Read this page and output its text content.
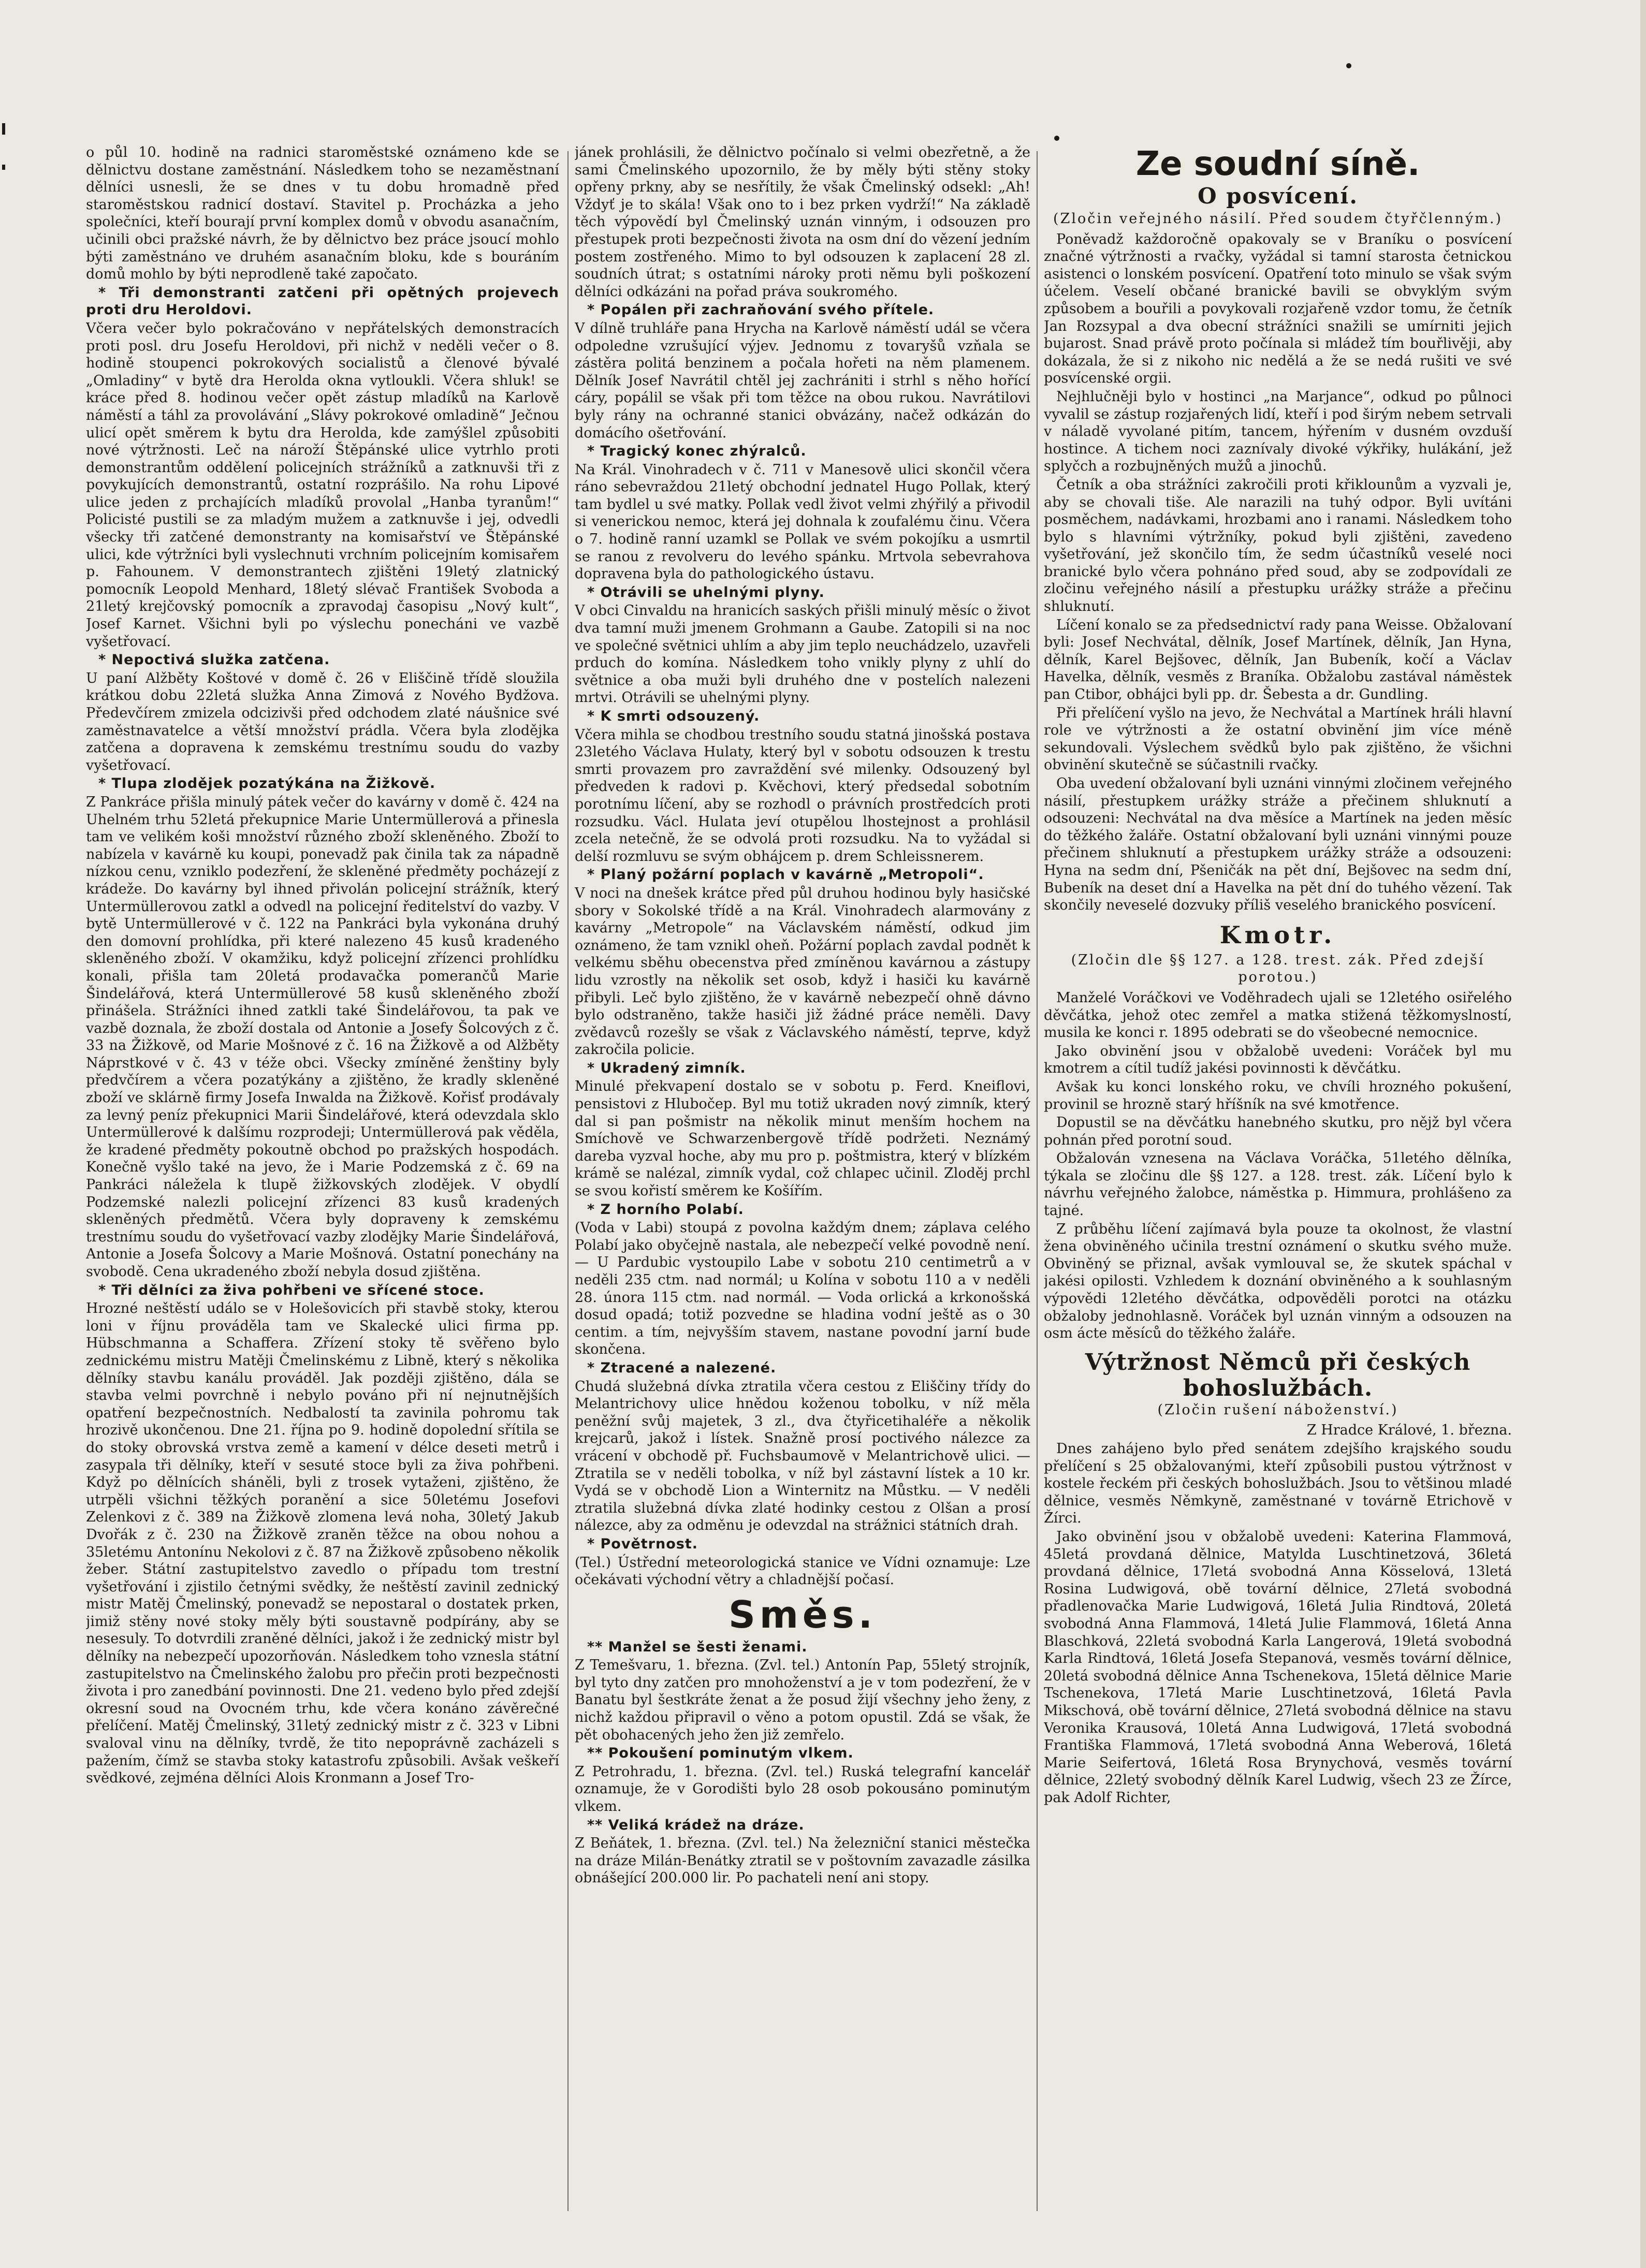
o půl 10. hodině na radnici staroměstské oznámeno kde se dělnictvu dostane zaměstnání. Následkem toho se nezaměstnaní dělníci usnesli, že se dnes v tu dobu hromadně před staroměstskou radnicí dostaví. Stavitel p. Procházka a jeho společníci, kteří bourají první komplex domů v obvodu asanačním, učinili obci pražské návrh, že by dělnictvo bez práce jsoucí mohlo býti zaměstnáno ve druhém asanačním bloku, kde s bouráním domů mohlo by býti neprodleně také započato.

* Tři demonstranti zatčeni při opětných projevech proti dru Heroldovi.

Včera večer bylo pokračováno v nepřátelských demonstracích proti posl. dru Josefu Heroldovi, při nichž v neděli večer o 8. hodině stoupenci pokrokových socialistů a členové bývalé „Omladiny“ v bytě dra Herolda okna vytloukli. Včera shluk! se kráce před 8. hodinou večer opět zástup mladíků na Karlově náměstí a táhl za provolávání „Slávy pokrokové omladině“ Ječnou ulicí opět směrem k bytu dra Herolda, kde zamýšlel způsobiti nové výtržnosti. Leč na nároží Štěpánské ulice vytrhlo proti demonstrantům oddělení policejních strážníků a zatknuvši tři z povykujících demonstrantů, ostatní rozprášilo. Na rohu Lipové ulice jeden z prchajících mladíků provolal „Hanba tyranům!“ Policisté pustili se za mladým mužem a zatknuvše i jej, odvedli všecky tři zatčené demonstranty na komisařství ve Štěpánské ulici, kde výtržníci byli vyslechnuti vrchním policejním komisařem p. Fahounem. V demonstrantech zjištěni 19letý zlatnický pomocník Leopold Menhard, 18letý slévač František Svoboda a 21letý krejčovský pomocník a zpravodaj časopisu „Nový kult“, Josef Karnet. Všichni byli po výslechu ponecháni ve vazbě vyšetřovací.

* Nepoctivá služka zatčena.

U paní Alžběty Koštové v domě č. 26 v Eliščině třídě sloužila krátkou dobu 22letá služka Anna Zimová z Nového Bydžova. Předevčírem zmizela odcizivši před odchodem zlaté náušnice své zaměstnavatelce a větší množství prádla. Včera byla zlodějka zatčena a dopravena k zemskému trestnímu soudu do vazby vyšetřovací.

* Tlupa zlodějek pozatýkána na Žižkově.

Z Pankráce přišla minulý pátek večer do kavárny v domě č. 424 na Uhelném trhu 52letá překupnice Marie Untermüllerová a přinesla tam ve velikém koši množství různého zboží skleněného. Zboží to nabízela v kavárně ku koupi, ponevadž pak činila tak za nápadně nízkou cenu, vzniklo podezření, že skleněné předměty pocházejí z krádeže. Do kavárny byl ihned přivolán policejní strážník, který Untermüllerovou zatkl a odvedl na policejní ředitelství do vazby. V bytě Untermüllerové v č. 122 na Pankráci byla vykonána druhý den domovní prohlídka, při které nalezeno 45 kusů kradeného skleněného zboží. V okamžiku, když policejní zřízenci prohlídku konali, přišla tam 20letá prodavačka pomerančů Marie Šindelářová, která Untermüllerové 58 kusů skleněného zboží přinášela. Strážníci ihned zatkli také Šindelářovou, ta pak ve vazbě doznala, že zboží dostala od Antonie a Josefy Šolcových z č. 33 na Žižkově, od Marie Mošnové z č. 16 na Žižkově a od Alžběty Náprstkové v č. 43 v téže obci. Všecky zmíněné ženštiny byly předvčírem a včera pozatýkány a zjištěno, že kradly skleněné zboží ve sklárně firmy Josefa Inwalda na Žižkově. Kořisť prodávaly za levný peníz překupnici Marii Šindelářové, která odevzdala sklo Untermüllerové k dalšímu rozprodeji; Untermüllerová pak věděla, že kradené předměty pokoutně obchod po pražských hospodách. Konečně vyšlo také na jevo, že i Marie Podzemská z č. 69 na Pankráci náležela k tlupě žižkovských zlodějek. V obydlí Podzemské nalezli policejní zřízenci 83 kusů kradených skleněných předmětů. Včera byly dopraveny k zemskému trestnímu soudu do vyšetřovací vazby zlodějky Marie Šindelářová, Antonie a Josefa Šolcovy a Marie Mošnová. Ostatní ponechány na svobodě. Cena ukradeného zboží nebyla dosud zjištěna.

* Tři dělníci za živa pohřbeni ve sřícené stoce.

Hrozné neštěstí událo se v Holešovicích při stavbě stoky, kterou loni v říjnu prováděla tam ve Skalecké ulici firma pp. Hübschmanna a Schaffera. Zřízení stoky tě svěřeno bylo zednickému mistru Matěji Čmelinskému z Libně, který s několika dělníky stavbu kanálu prováděl. Jak později zjištěno, dála se stavba velmi povrchně i nebylo pováno při ní nejnutnějších opatření bezpečnostních. Nedbalostí ta zavinila pohromu tak hrozivě ukončenou. Dne 21. října po 9. hodině dopolední sřítila se do stoky obrovská vrstva země a kamení v délce deseti metrů i zasypala tři dělníky, kteří v sesuté stoce byli za živa pohřbeni. Když po dělnících sháněli, byli z trosek vytaženi, zjištěno, že utrpěli všichni těžkých poranění a sice 50letému Josefovi Zelenkovi z č. 389 na Žižkově zlomena levá noha, 30letý Jakub Dvořák z č. 230 na Žižkově zraněn těžce na obou nohou a 35letému Antonínu Nekolovi z č. 87 na Žižkově způsobeno několik žeber. Státní zastupitelstvo zavedlo o případu tom trestní vyšetřování i zjistilo četnými svědky, že neštěstí zavinil zednický mistr Matěj Čmelinský, ponevadž se nepostaral o dostatek prken, jimiž stěny nové stoky měly býti soustavně podpírány, aby se nesesuly. To dotvrdili zraněné dělníci, jakož i že zednický mistr byl dělníky na nebezpečí upozorňován. Následkem toho vznesla státní zastupitelstvo na Čmelinského žalobu pro přečin proti bezpečnosti života i pro zanedbání povinnosti. Dne 21. vedeno bylo před zdejší okresní soud na Ovocném trhu, kde včera konáno závěrečné přelíčení. Matěj Čmelinský, 31letý zednický mistr z č. 323 v Libni svaloval vinu na dělníky, tvrdě, že tito nepoprávně zacházeli s pažením, čímž se stavba stoky katastrofu způsobili. Avšak veškeří svědkové, zejména dělníci Alois Kronmann a Josef Tro-

jánek prohlásili, že dělnictvo počínalo si velmi obezřetně, a že sami Čmelinského upozornilo, že by měly býti stěny stoky opřeny prkny, aby se nesřítily, že však Čmelinský odsekl: „Ah! Vždyť je to skála! Však ono to i bez prken vydrží!“ Na základě těch výpovědí byl Čmelinský uznán vinným, i odsouzen pro přestupek proti bezpečnosti života na osm dní do vězení jedním postem zostřeného. Mimo to byl odsouzen k zaplacení 28 zl. soudních útrat; s ostatními nároky proti němu byli poškození dělníci odkázáni na pořad práva soukromého.

* Popálen při zachraňování svého přítele.

V dílně truhláře pana Hrycha na Karlově náměstí udál se včera odpoledne vzrušující výjev. Jednomu z tovaryšů vzňala se zástěra politá benzinem a počala hořeti na něm plamenem. Dělník Josef Navrátil chtěl jej zachrániti i strhl s něho hořící cáry, popálil se však při tom těžce na obou rukou. Navrátilovi byly rány na ochranné stanici obvázány, načež odkázán do domácího ošetřování.

* Tragický konec zhýralců.

Na Král. Vinohradech v č. 711 v Manesově ulici skončil včera ráno sebevraždou 21letý obchodní jednatel Hugo Pollak, který tam bydlel u své matky. Pollak vedl život velmi zhýřilý a přivodil si venerickou nemoc, která jej dohnala k zoufalému činu. Včera o 7. hodině ranní uzamkl se Pollak ve svém pokojíku a usmrtil se ranou z revolveru do levého spánku. Mrtvola sebevrahova dopravena byla do pathologického ústavu.

* Otrávili se uhelnými plyny.

V obci Cinvaldu na hranicích saských přišli minulý měsíc o život dva tamní muži jmenem Grohmann a Gaube. Zatopili si na noc ve společné světnici uhlím a aby jim teplo neuchádzelo, uzavřeli prduch do komína. Následkem toho vnikly plyny z uhlí do světnice a oba muži byli druhého dne v postelích nalezeni mrtvi. Otrávili se uhelnými plyny.

* K smrti odsouzený.

Včera mihla se chodbou trestního soudu statná jinošská postava 23letého Václava Hulaty, který byl v sobotu odsouzen k trestu smrti provazem pro zavraždění své milenky. Odsouzený byl předveden k radovi p. Kvěchovi, který předsedal sobotním porotnímu líčení, aby se rozhodl o právních prostředcích proti rozsudku. Václ. Hulata jeví otupělou lhostejnost a prohlásil zcela netečně, že se odvolá proti rozsudku. Na to vyžádal si delší rozmluvu se svým obhájcem p. drem Schleissnerem.

* Planý požární poplach v kavárně „Metropoli“.

V noci na dnešek krátce před půl druhou hodinou byly hasičské sbory v Sokolské třídě a na Král. Vinohradech alarmovány z kavárny „Metropole“ na Václavském náměstí, odkud jim oznámeno, že tam vznikl oheň. Požární poplach zavdal podnět k velkému sběhu obecenstva před zmíněnou kavárnou a zástupy lidu vzrostly na několik set osob, když i hasiči ku kavárně přibyli. Leč bylo zjištěno, že v kavárně nebezpečí ohně dávno bylo odstraněno, takže hasiči již žádné práce neměli. Davy zvědavců rozešly se však z Václavského náměstí, teprve, když zakročila policie.

* Ukradený zimník.

Minulé překvapení dostalo se v sobotu p. Ferd. Kneiflovi, pensistovi z Hlubočep. Byl mu totiž ukraden nový zimník, který dal si pan pošmistr na několik minut menším hochem na Smíchově ve Schwarzenbergově třídě podržeti. Neznámý dareba vyzval hoche, aby mu pro p. poštmistra, který v blízkém krámě se nalézal, zimník vydal, což chlapec učinil. Zloděj prchl se svou kořistí směrem ke Košířím.

* Z horního Polabí.

(Voda v Labi) stoupá z povolna každým dnem; záplava celého Polabí jako obyčejně nastala, ale nebezpečí velké povodně není. — U Pardubic vystoupilo Labe v sobotu 210 centimetrů a v neděli 235 ctm. nad normál; u Kolína v sobotu 110 a v neděli 28. února 115 ctm. nad normál. — Voda orlická a krkonošská dosud opadá; totiž pozvedne se hladina vodní ještě as o 30 centim. a tím, nejvyšším stavem, nastane povodní jarní bude skončena.

* Ztracené a nalezené.

Chudá služebná dívka ztratila včera cestou z Eliščiny třídy do Melantrichovy ulice hnědou koženou tobolku, v níž měla peněžní svůj majetek, 3 zl., dva čtyřicetihaléře a několik krejcarů, jakož i lístek. Snažně prosí poctivého nálezce za vrácení v obchodě př. Fuchsbaumově v Melantrichově ulici. — Ztratila se v neděli tobolka, v níž byl zástavní lístek a 10 kr. Vydá se v obchodě Lion a Winternitz na Můstku. — V neděli ztratila služebná dívka zlaté hodinky cestou z Olšan a prosí nálezce, aby za odměnu je odevzdal na strážnici státních drah.

* Povětrnost.

(Tel.) Ústřední meteorologická stanice ve Vídni oznamuje: Lze očekávati východní větry a chladnější počasí.

Směs.

** Manžel se šesti ženami.

Z Temešvaru, 1. března. (Zvl. tel.) Antonín Pap, 55letý strojník, byl tyto dny zatčen pro mnohoženství a je v tom podezření, že v Banatu byl šestkráte ženat a že posud žijí všechny jeho ženy, z nichž každou připravil o věno a potom opustil. Zdá se však, že pět obohacených jeho žen již zemřelo.

** Pokoušení pominutým vlkem.

Z Petrohradu, 1. března. (Zvl. tel.) Ruská telegrafní kancelář oznamuje, že v Gorodišti bylo 28 osob pokousáno pominutým vlkem.

** Veliká krádež na dráze.

Z Beňátek, 1. března. (Zvl. tel.) Na železniční stanici městečka na dráze Milán-Benátky ztratil se v poštovním zavazadle zásilka obnášející 200.000 lir. Po pachateli není ani stopy.

Ze soudní síně.
O posvícení.
(Zločin veřejného násilí. Před soudem čtyřčlenným.)

Poněvadž každoročně opakovaly se v Braníku o posvícení značné výtržnosti a rvačky, vyžádal si tamní starosta četnickou asistenci o lonském posvícení. Opatření toto minulo se však svým účelem. Veselí občané branické bavili se obvyklým svým způsobem a bouřili a povykovali rozjařeně vzdor tomu, že četník Jan Rozsypal a dva obecní strážníci snažili se umírniti jejich bujarost. Snad právě proto počínala si mládež tím bouřlivěji, aby dokázala, že si z nikoho nic nedělá a že se nedá rušiti ve své posvícenské orgii.

Nejhlučněji bylo v hostinci „na Marjance“, odkud po půlnoci vyvalil se zástup rozjařených lidí, kteří i pod širým nebem setrvali v náladě vyvolané pitím, tancem, hýřením v dusném ovzduší hostince. A tichem noci zaznívaly divoké výkřiky, hulákání, jež splyčch a rozbujněných mužů a jinochů.

Četník a oba strážníci zakročili proti křiklounům a vyzvali je, aby se chovali tiše. Ale narazili na tuhý odpor. Byli uvítáni posměchem, nadávkami, hrozbami ano i ranami. Následkem toho bylo s hlavními výtržníky, pokud byli zjištěni, zavedeno vyšetřování, jež skončilo tím, že sedm účastníků veselé noci branické bylo včera pohnáno před soud, aby se zodpovídali ze zločinu veřejného násilí a přestupku urážky stráže a přečinu shluknutí.

Líčení konalo se za předsednictví rady pana Weisse. Obžalovaní byli: Josef Nechvátal, dělník, Josef Martínek, dělník, Jan Hyna, dělník, Karel Bejšovec, dělník, Jan Bubeník, kočí a Václav Havelka, dělník, vesměs z Braníka. Obžalobu zastával náměstek pan Ctibor, obhájci byli pp. dr. Šebesta a dr. Gundling.

Při přelíčení vyšlo na jevo, že Nechvátal a Martínek hráli hlavní role ve výtržnosti a že ostatní obvinění jim více méně sekundovali. Výslechem svědků bylo pak zjištěno, že všichni obvinění skutečně se súčastnili rvačky.

Oba uvedení obžalovaní byli uznáni vinnými zločinem veřejného násilí, přestupkem urážky stráže a přečinem shluknutí a odsouzeni: Nechvátal na dva měsíce a Martínek na jeden měsíc do těžkého žaláře. Ostatní obžalovaní byli uznáni vinnými pouze přečinem shluknutí a přestupkem urážky stráže a odsouzeni: Hyna na sedm dní, Pšeničák na pět dní, Bejšovec na sedm dní, Bubeník na deset dní a Havelka na pět dní do tuhého vězení. Tak skončily neveselé dozvuky příliš veselého branického posvícení.

Kmotr.
(Zločin dle §§ 127. a 128. trest. zák. Před zdejší porotou.)

Manželé Voráčkovi ve Voděhradech ujali se 12letého osiřelého děvčátka, jehož otec zemřel a matka stižená těžkomyslností, musila ke konci r. 1895 odebrati se do všeobecné nemocnice.

Jako obvinění jsou v obžalobě uvedeni: Voráček byl mu kmotrem a cítil tudíž jakési povinnosti k děvčátku.

Avšak ku konci lonského roku, ve chvíli hrozného pokušení, provinil se hrozně starý hříšník na své kmotřence.

Dopustil se na děvčátku hanebného skutku, pro nějž byl včera pohnán před porotní soud.

Obžalován vznesena na Václava Voráčka, 51letého dělníka, týkala se zločinu dle §§ 127. a 128. trest. zák. Líčení bylo k návrhu veřejného žalobce, náměstka p. Himmura, prohlášeno za tajné.

Z průběhu líčení zajímavá byla pouze ta okolnost, že vlastní žena obviněného učinila trestní oznámení o skutku svého muže. Obviněný se přiznal, avšak vymlouval se, že skutek spáchal v jakési opilosti. Vzhledem k doznání obviněného a k souhlasným výpovědi 12letého děvčátka, odpověděli porotci na otázku obžaloby jednohlasně. Voráček byl uznán vinným a odsouzen na osm ácte měsíců do těžkého žaláře.

Výtržnost Němců při českých bohoslužbách.
(Zločin rušení náboženství.)

Z Hradce Králové, 1. března.

Dnes zahájeno bylo před senátem zdejšího krajského soudu přelíčení s 25 obžalovanými, kteří způsobili pustou výtržnost v kostele řeckém při českých bohoslužbách. Jsou to většinou mladé dělnice, vesměs Němkyně, zaměstnané v továrně Etrichově v Žírci.

Jako obvinění jsou v obžalobě uvedeni: Katerina Flammová, 45letá provdaná dělnice, Matylda Luschtinetzová, 36letá provdaná dělnice, 17letá svobodná Anna Kösselová, 13letá Rosina Ludwigová, obě tovární dělnice, 27letá svobodná přadlenovačka Marie Ludwigová, 16letá Julia Rindtová, 20letá svobodná Anna Flammová, 14letá Julie Flammová, 16letá Anna Blaschková, 22letá svobodná Karla Langerová, 19letá svobodná Karla Rindtová, 16letá Josefa Stepanová, vesměs tovární dělnice, 20letá svobodná dělnice Anna Tschenekova, 15letá dělnice Marie Tschenekova, 17letá Marie Luschtinetzová, 16letá Pavla Mikschová, obě tovární dělnice, 27letá svobodná dělnice na stavu Veronika Krausová, 10letá Anna Ludwigová, 17letá svobodná Františka Flammová, 17letá svobodná Anna Weberová, 16letá Marie Seifertová, 16letá Rosa Brynychová, vesměs tovární dělnice, 22letý svobodný dělník Karel Ludwig, všech 23 ze Žírce, pak Adolf Richter,
